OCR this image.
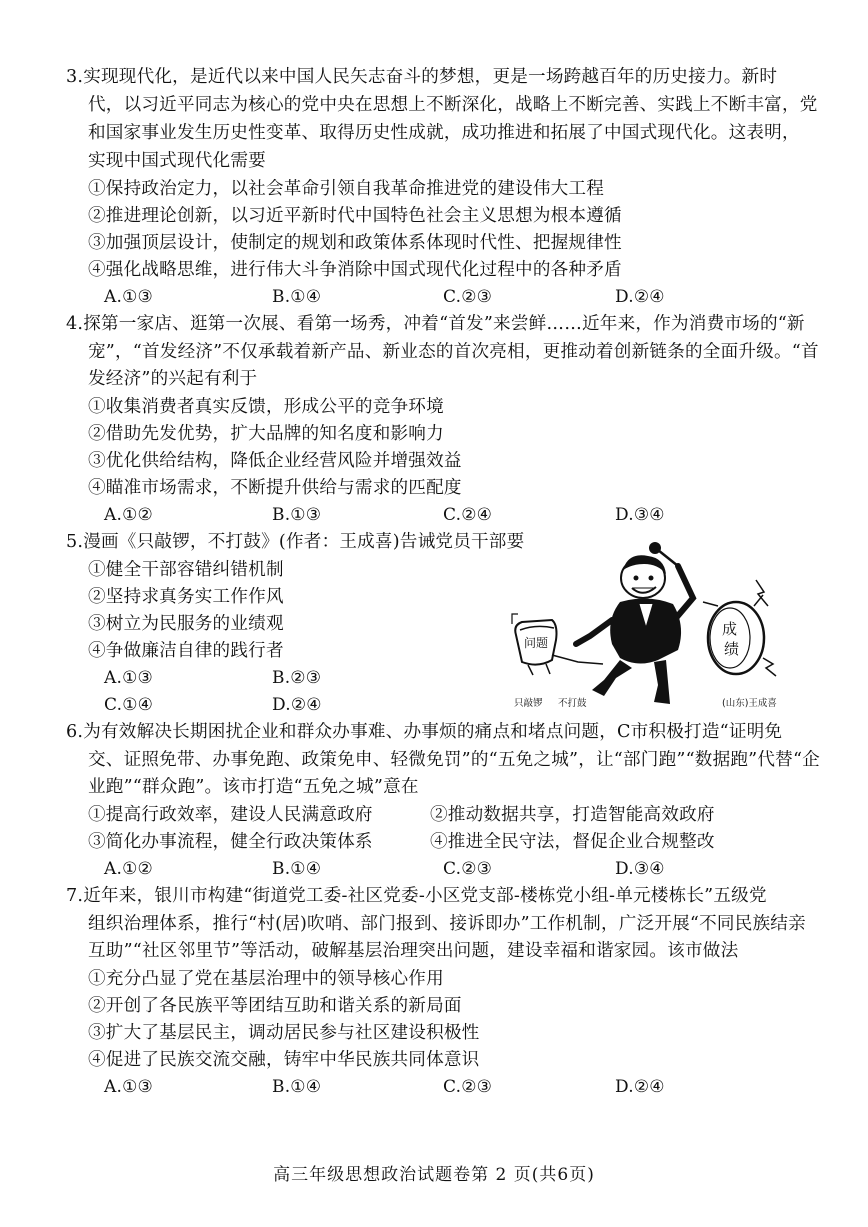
3.实现现代化，是近代以来中国人民矢志奋斗的梦想，更是一场跨越百年的历史接力。新时
代，以习近平同志为核心的党中央在思想上不断深化，战略上不断完善、实践上不断丰富，党
和国家事业发生历史性变革、取得历史性成就，成功推进和拓展了中国式现代化。这表明，
实现中国式现代化需要
①保持政治定力，以社会革命引领自我革命推进党的建设伟大工程
②推进理论创新，以习近平新时代中国特色社会主义思想为根本遵循
③加强顶层设计，使制定的规划和政策体系体现时代性、把握规律性
④强化战略思维，进行伟大斗争消除中国式现代化过程中的各种矛盾
A.①③	B.①④	C.②③	D.②④
4.探第一家店、逛第一次展、看第一场秀，冲着“首发”来尝鲜……近年来，作为消费市场的“新
宠”，“首发经济”不仅承载着新产品、新业态的首次亮相，更推动着创新链条的全面升级。“首
发经济”的兴起有利于
①收集消费者真实反馈，形成公平的竞争环境
②借助先发优势，扩大品牌的知名度和影响力
③优化供给结构，降低企业经营风险并增强效益
④瞄准市场需求，不断提升供给与需求的匹配度
A.①②	B.①③	C.②④	D.③④
5.漫画《只敲锣，不打鼓》(作者：王成喜)告诫党员干部要
①健全干部容错纠错机制
②坚持求真务实工作作风
③树立为民服务的业绩观
④争做廉洁自律的践行者
A.①③	B.②③
C.①④	D.②④
问题
成
绩
只敲锣 不打鼓	(山东)王成喜
6.为有效解决长期困扰企业和群众办事难、办事烦的痛点和堵点问题，C市积极打造“证明免
交、证照免带、办事免跑、政策免申、轻微免罚”的“五免之城”，让“部门跑”“数据跑”代替“企
业跑”“群众跑”。该市打造“五免之城”意在
①提高行政效率，建设人民满意政府	②推动数据共享，打造智能高效政府
③简化办事流程，健全行政决策体系	④推进全民守法，督促企业合规整改
A.①②	B.①④	C.②③	D.③④
7.近年来，银川市构建“街道党工委-社区党委-小区党支部-楼栋党小组-单元楼栋长”五级党
组织治理体系，推行“村(居)吹哨、部门报到、接诉即办”工作机制，广泛开展“不同民族结亲
互助”“社区邻里节”等活动，破解基层治理突出问题，建设幸福和谐家园。该市做法
①充分凸显了党在基层治理中的领导核心作用
②开创了各民族平等团结互助和谐关系的新局面
③扩大了基层民主，调动居民参与社区建设积极性
④促进了民族交流交融，铸牢中华民族共同体意识
A.①③	B.①④	C.②③	D.②④
高三年级思想政治试题卷第 2 页(共6页)
